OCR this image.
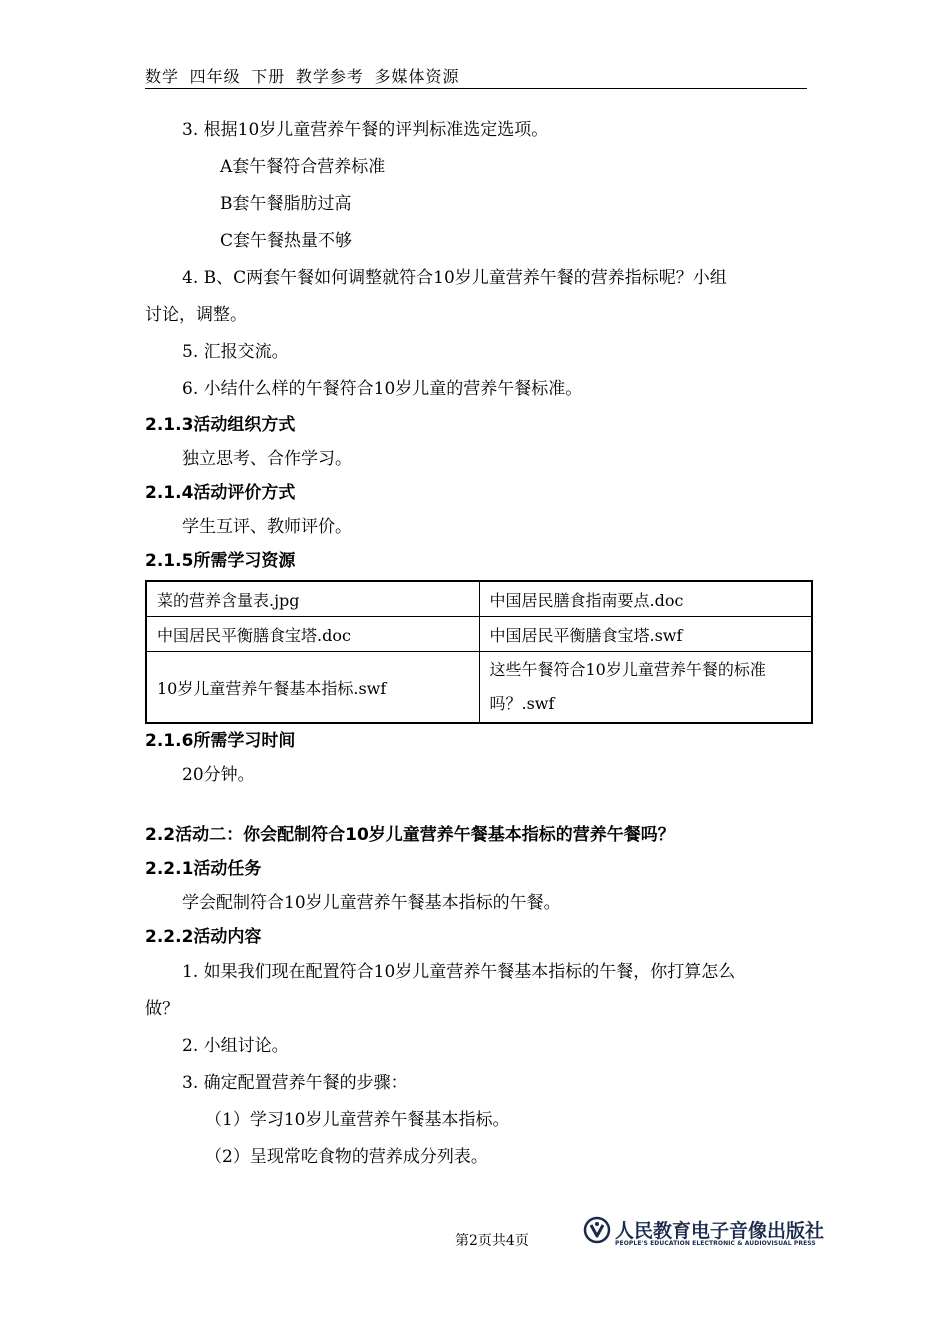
数学 四年级 下册 教学参考 多媒体资源

3. 根据10岁儿童营养午餐的评判标准选定选项。

A套午餐符合营养标准

B套午餐脂肪过高

C套午餐热量不够

4. B、C两套午餐如何调整就符合10岁儿童营养午餐的营养指标呢？小组

讨论，调整。

5. 汇报交流。

6. 小结什么样的午餐符合10岁儿童的营养午餐标准。

2.1.3活动组织方式

独立思考、合作学习。

2.1.4活动评价方式

学生互评、教师评价。

2.1.5所需学习资源

菜的营养含量表.jpg	中国居民膳食指南要点.doc
中国居民平衡膳食宝塔.doc	中国居民平衡膳食宝塔.swf
10岁儿童营养午餐基本指标.swf	这些午餐符合10岁儿童营养午餐的标准
吗？.swf

2.1.6所需学习时间

20分钟。

2.2活动二：你会配制符合10岁儿童营养午餐基本指标的营养午餐吗？

2.2.1活动任务

学会配制符合10岁儿童营养午餐基本指标的午餐。

2.2.2活动内容

1. 如果我们现在配置符合10岁儿童营养午餐基本指标的午餐，你打算怎么

做？

2. 小组讨论。

3. 确定配置营养午餐的步骤：

（1）学习10岁儿童营养午餐基本指标。

（2）呈现常吃食物的营养成分列表。

第2页共4页	人民教育电子音像出版社
PEOPLE'S EDUCATION ELECTRONIC & AUDIOVISUAL PRESS
